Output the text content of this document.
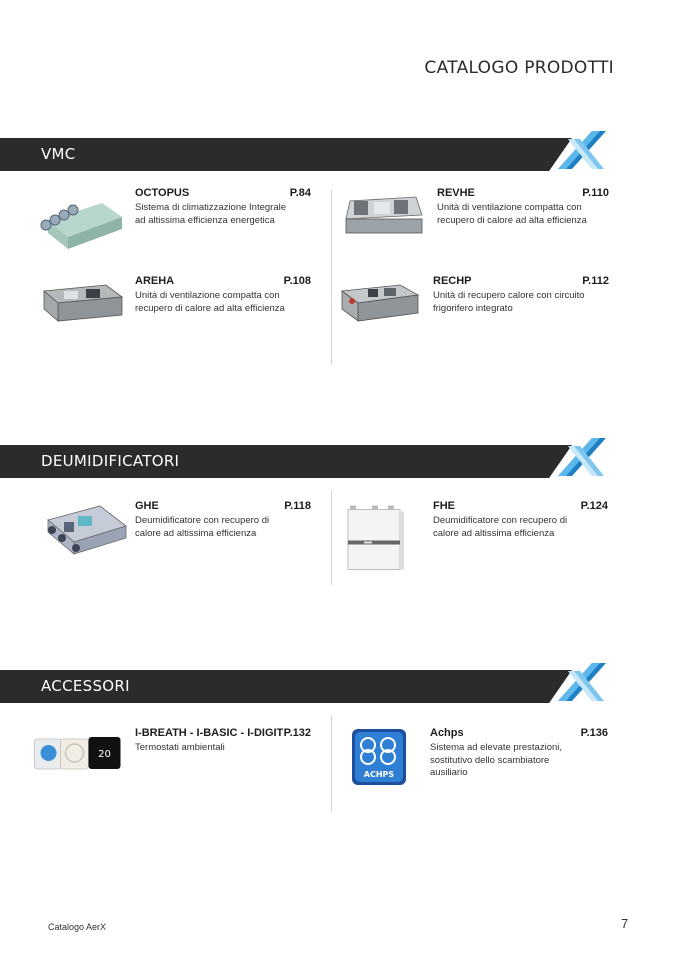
CATALOGO PRODOTTI
VMC
OCTOPUS	P.84
Sistema di climatizzazione Integrale ad altissima efficienza energetica
REVHE	P.110
Unità di ventilazione compatta con recupero di calore ad alta efficienza
AREHA	P.108
Unità di ventilazione compatta con recupero di calore ad alta efficienza
RECHP	P.112
Unità di recupero calore con circuito frigorifero integrato
DEUMIDIFICATORI
GHE	P.118
Deumidificatore con recupero di calore ad altissima efficienza
FHE	P.124
Deumidificatore con recupero di calore ad altissima efficienza
ACCESSORI
20
I-BREATH - I-BASIC - I-DIGIT P.132
Termostati ambientali
ACHPS
Achps	P.136
Sistema ad elevate prestazioni, sostitutivo dello scambiatore ausiliario
Catalogo AerX	7
